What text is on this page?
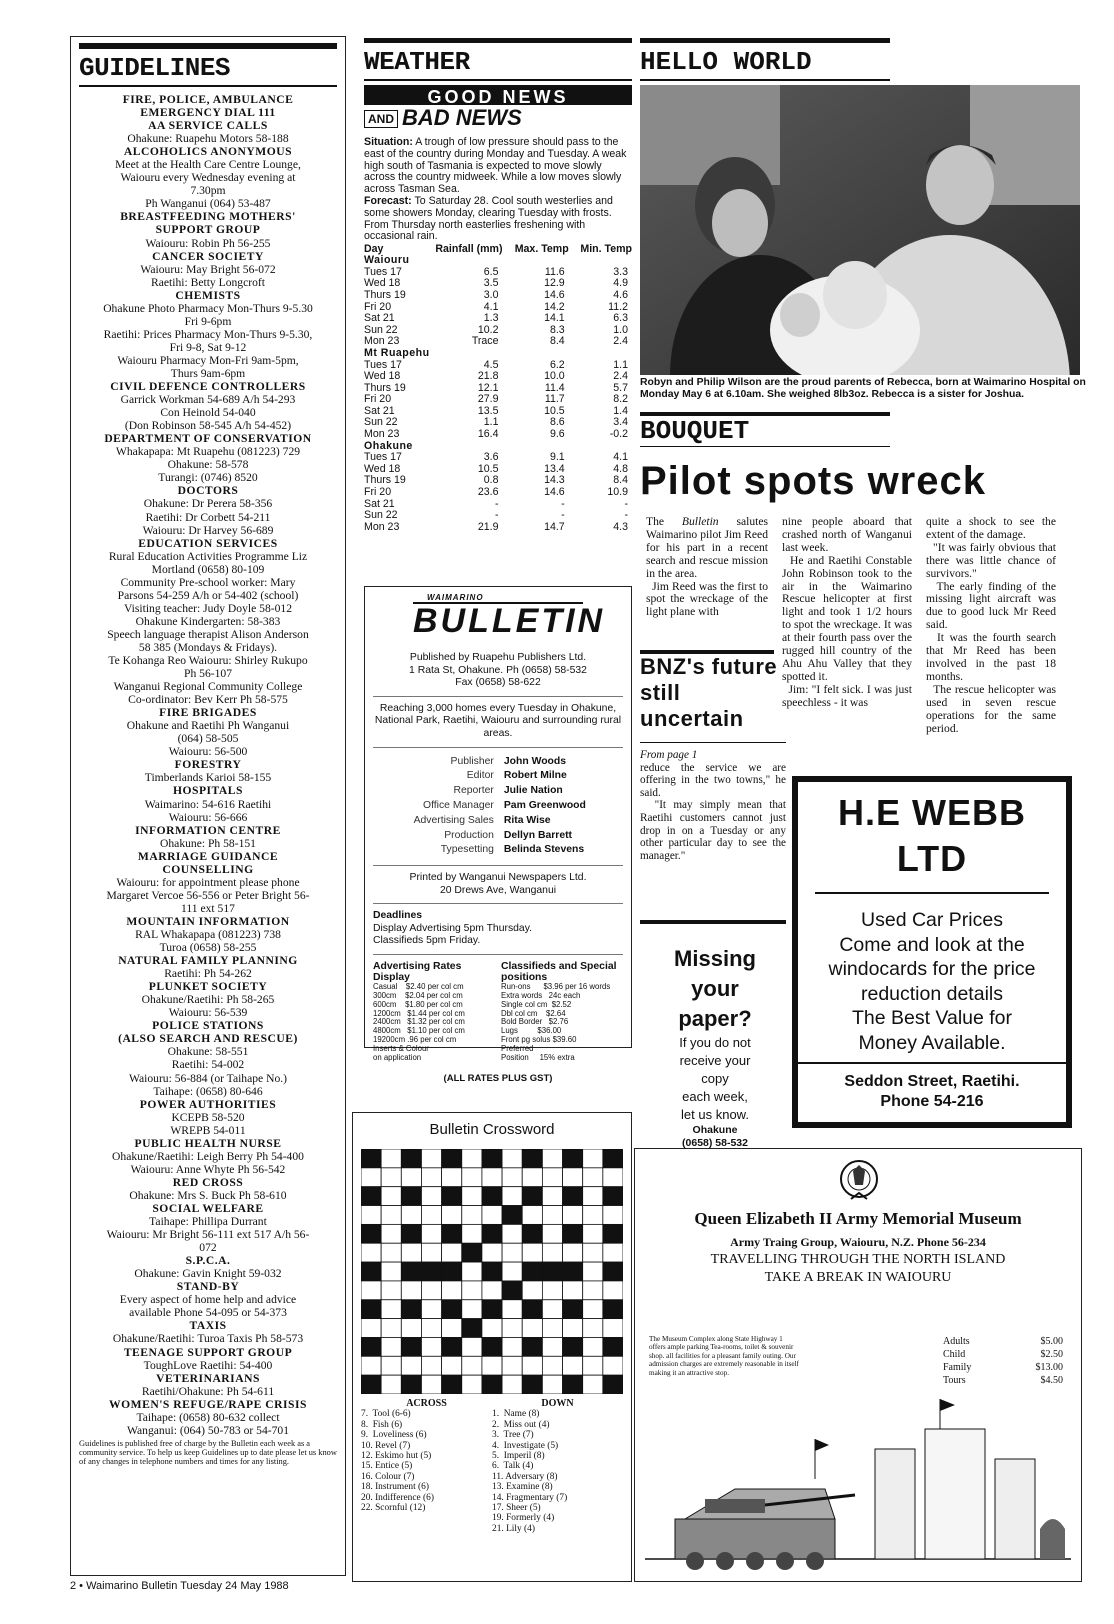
GUIDELINES
FIRE, POLICE, AMBULANCE
EMERGENCY DIAL 111
AA SERVICE CALLS
Ohakune: Ruapehu Motors 58-188
ALCOHOLICS ANONYMOUS
Meet at the Health Care Centre Lounge,
Waiouru every Wednesday evening at
7.30pm
Ph Wanganui (064) 53-487
BREASTFEEDING MOTHERS'
SUPPORT GROUP
Waiouru: Robin Ph 56-255
CANCER SOCIETY
Waiouru: May Bright 56-072
Raetihi: Betty Longcroft
CHEMISTS
Ohakune Photo Pharmacy Mon-Thurs 9-5.30
Fri 9-6pm
Raetihi: Prices Pharmacy Mon-Thurs 9-5.30,
Fri 9-8, Sat 9-12
Waiouru Pharmacy Mon-Fri 9am-5pm,
Thurs 9am-6pm
CIVIL DEFENCE CONTROLLERS
Garrick Workman 54-689 A/h 54-293
Con Heinold 54-040
(Don Robinson 58-545 A/h 54-452)
DEPARTMENT OF CONSERVATION
Whakapapa: Mt Ruapehu (081223) 729
Ohakune: 58-578
Turangi: (0746) 8520
DOCTORS
Ohakune: Dr Perera 58-356
Raetihi: Dr Corbett 54-211
Waiouru: Dr Harvey 56-689
EDUCATION SERVICES
Rural Education Activities Programme Liz
Mortland (0658) 80-109
Community Pre-school worker: Mary
Parsons 54-259 A/h or 54-402 (school)
Visiting teacher: Judy Doyle 58-012
Ohakune Kindergarten: 58-383
Speech language therapist Alison Anderson
58 385 (Mondays & Fridays).
Te Kohanga Reo Waiouru: Shirley Rukupo
Ph 56-107
Wanganui Regional Community College
Co-ordinator: Bev Kerr Ph 58-575
FIRE BRIGADES
Ohakune and Raetihi Ph Wanganui
(064) 58-505
Waiouru: 56-500
FORESTRY
Timberlands Karioi 58-155
HOSPITALS
Waimarino: 54-616 Raetihi
Waiouru: 56-666
INFORMATION CENTRE
Ohakune: Ph 58-151
MARRIAGE GUIDANCE
COUNSELLING
Waiouru: for appointment please phone
Margaret Vercoe 56-556 or Peter Bright 56-
111 ext 517
MOUNTAIN INFORMATION
RAL Whakapapa (081223) 738
Turoa (0658) 58-255
NATURAL FAMILY PLANNING
Raetihi: Ph 54-262
PLUNKET SOCIETY
Ohakune/Raetihi: Ph 58-265
Waiouru: 56-539
POLICE STATIONS
(ALSO SEARCH AND RESCUE)
Ohakune: 58-551
Raetihi: 54-002
Waiouru: 56-884 (or Taihape No.)
Taihape: (0658) 80-646
POWER AUTHORITIES
KCEPB 58-520
WREPB 54-011
PUBLIC HEALTH NURSE
Ohakune/Raetihi: Leigh Berry Ph 54-400
Waiouru: Anne Whyte Ph 56-542
RED CROSS
Ohakune: Mrs S. Buck Ph 58-610
SOCIAL WELFARE
Taihape: Phillipa Durrant
Waiouru: Mr Bright 56-111 ext 517 A/h 56-
072
S.P.C.A.
Ohakune: Gavin Knight 59-032
STAND-BY
Every aspect of home help and advice
available Phone 54-095 or 54-373
TAXIS
Ohakune/Raetihi: Turoa Taxis Ph 58-573
TEENAGE SUPPORT GROUP
ToughLove Raetihi: 54-400
VETERINARIANS
Raetihi/Ohakune: Ph 54-611
WOMEN'S REFUGE/RAPE CRISIS
Taihape: (0658) 80-632 collect
Wanganui: (064) 50-783 or 54-701
Guidelines is published free of charge by the Bulletin each week as a community service. To help us keep Guidelines up to date please let us know of any changes in telephone numbers and times for any listing.
2 • Waimarino Bulletin Tuesday 24 May 1988
WEATHER
GOOD NEWS
AND BAD NEWS

Situation: A trough of low pressure should pass to the east of the country during Monday and Tuesday. A weak high south of Tasmania is expected to move slowly across the country midweek. While a low moves slowly across Tasman Sea.

Forecast: To Saturday 28. Cool south westerlies and some showers Monday, clearing Tuesday with frosts. From Thursday north easterlies freshening with occasional rain.

Day	Rainfall (mm)	Max. Temp	Min. Temp
Waiouru			
Tues 17	6.5	11.6	3.3
Wed 18	3.5	12.9	4.9
Thurs 19	3.0	14.6	4.6
Fri 20	4.1	14.2	11.2
Sat 21	1.3	14.1	6.3
Sun 22	10.2	8.3	1.0
Mon 23	Trace	8.4	2.4
Mt Ruapehu			
Tues 17	4.5	6.2	1.1
Wed 18	21.8	10.0	2.4
Thurs 19	12.1	11.4	5.7
Fri 20	27.9	11.7	8.2
Sat 21	13.5	10.5	1.4
Sun 22	1.1	8.6	3.4
Mon 23	16.4	9.6	-0.2
Ohakune			
Tues 17	3.6	9.1	4.1
Wed 18	10.5	13.4	4.8
Thurs 19	0.8	14.3	8.4
Fri 20	23.6	14.6	10.9
Sat 21	-	-	-
Sun 22	-	-	-
Mon 23	21.9	14.7	4.3
WAIMARINO
BULLETIN
Published by Ruapehu Publishers Ltd.
1 Rata St, Ohakune. Ph (0658) 58-532
Fax (0658) 58-622
Reaching 3,000 homes every Tuesday in Ohakune, National Park, Raetihi, Waiouru and surrounding rural areas.
Publisher	John Woods
Editor	Robert Milne
Reporter	Julie Nation
Office Manager	Pam Greenwood
Advertising Sales	Rita Wise
Production	Dellyn Barrett
Typesetting	Belinda Stevens
Printed by Wanganui Newspapers Ltd.
20 Drews Ave, Wanganui
Deadlines
Display Advertising 5pm Thursday.
Classifieds 5pm Friday.
Advertising Rates Display
Casual    $2.40 per col cm
300cm    $2.04 per col cm
600cm    $1.80 per col cm
1200cm   $1.44 per col cm
2400cm   $1.32 per col cm
4800cm   $1.10 per col cm
19200cm .96 per col cm
Inserts & Colour
on application
Classifieds and Special positions
Run-ons      $3.96 per 16 words
Extra words   24c each
Single col cm  $2.52
Dbl col cm    $2.64
Bold Border   $2.76
Lugs         $36.00
Front pg solus $39.60
Preferred
Position     15% extra
(ALL RATES PLUS GST)
Bulletin Crossword
ACROSS
7.  Tool (6-6)
8.  Fish (6)
9.  Loveliness (6)
10. Revel (7)
12. Eskimo hut (5)
15. Entice (5)
16. Colour (7)
18. Instrument (6)
20. Indifference (6)
22. Scornful (12)
DOWN
1.  Name (8)
2.  Miss out (4)
3.  Tree (7)
4.  Investigate (5)
5.  Imperil (8)
6.  Talk (4)
11. Adversary (8)
13. Examine (8)
14. Fragmentary (7)
17. Sheer (5)
19. Formerly (4)
21. Lily (4)
HELLO WORLD
Robyn and Philip Wilson are the proud parents of Rebecca, born at Waimarino Hospital on Monday May 6 at 6.10am. She weighed 8lb3oz. Rebecca is a sister for Joshua.
BOUQUET
Pilot spots wreck
The Bulletin salutes Waimarino pilot Jim Reed for his part in a recent search and rescue mission in the area.
Jim Reed was the first to spot the wreckage of the light plane with
nine people aboard that crashed north of Wanganui last week.
He and Raetihi Constable John Robinson took to the air in the Waimarino Rescue helicopter at first light and took 1 1/2 hours to spot the wreckage. It was at their fourth pass over the rugged hill country of the Ahu Ahu Valley that they spotted it.
Jim: "I felt sick. I was just speechless - it was
quite a shock to see the extent of the damage.
"It was fairly obvious that there was little chance of survivors."
The early finding of the missing light aircraft was due to good luck Mr Reed said.
It was the fourth search that Mr Reed has been involved in the past 18 months.
The rescue helicopter was used in seven rescue operations for the same period.
BNZ's future still uncertain
From page 1
reduce the service we are offering in the two towns," he said.
"It may simply mean that Raetihi customers cannot just drop in on a Tuesday or any other particular day to see the manager."
Missing
your
paper?
If you do not
receive your
copy
each week,
let us know.
Ohakune
(0658) 58-532
H.E WEBB
LTD
Used Car Prices
Come and look at the
windocards for the price
reduction details
The Best Value for
Money Available.
Seddon Street, Raetihi.
Phone 54-216
Queen Elizabeth II Army Memorial Museum
Army Traing Group, Waiouru, N.Z. Phone 56-234
TRAVELLING THROUGH THE NORTH ISLAND
TAKE A BREAK IN WAIOURU
The Museum Complex along State Highway 1 offers ample parking Tea-rooms, toilet & souvenir shop. all facilities for a pleasant family outing. Our admission charges are extremely reasonable in itself making it an attractive stop.
Adults	$5.00
Child	$2.50
Family	$13.00
Tours	$4.50
